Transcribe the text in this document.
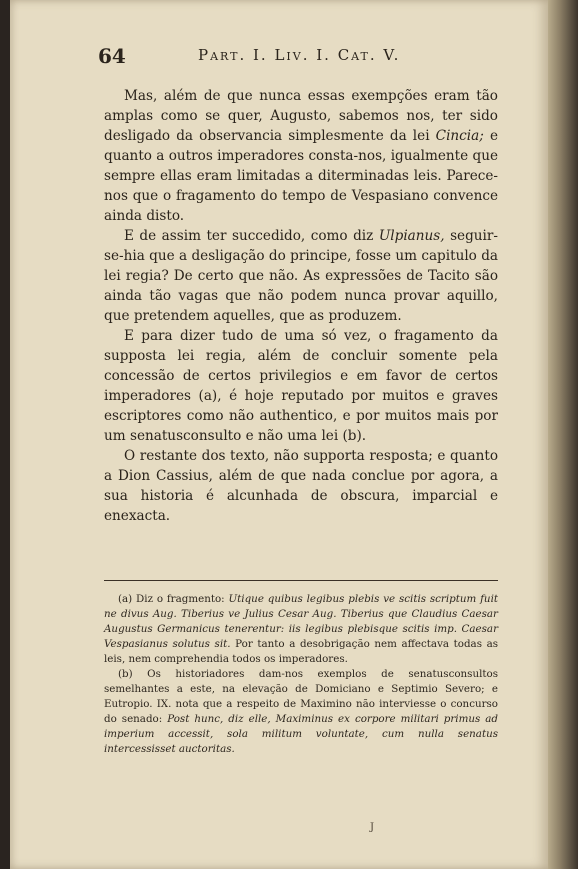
64	Part. I. Liv. I. Cat. V.

Mas, além de que nunca essas exempções eram tão amplas como se quer, Augusto, sabemos nos, ter sido desligado da observancia simplesmente da lei Cincia; e quanto a outros imperadores consta-nos, igualmente que sempre ellas eram limitadas a diterminadas leis. Parece-nos que o fragamento do tempo de Vespasiano convence ainda disto.

E de assim ter succedido, como diz Ulpianus, seguir-se-hia que a desligação do principe, fosse um capitulo da lei regia? De certo que não. As expressões de Tacito são ainda tão vagas que não podem nunca provar aquillo, que pretendem aquelles, que as produzem.

E para dizer tudo de uma só vez, o fragamento da supposta lei regia, além de concluir somente pela concessão de certos privilegios e em favor de certos imperadores (a), é hoje reputado por muitos e graves escriptores como não authentico, e por muitos mais por um senatusconsulto e não uma lei (b).

O restante dos texto, não supporta resposta; e quanto a Dion Cassius, além de que nada conclue por agora, a sua historia é alcunhada de obscura, imparcial e enexacta.

(a) Diz o fragmento: Utique quibus legibus plebis ve scitis scriptum fuit ne divus Aug. Tiberius ve Julius Cesar Aug. Tiberius que Claudius Caesar Augustus Germanicus tenerentur: iis legibus plebisque scitis imp. Caesar Vespasianus solutus sit. Por tanto a desobrigação nem affectava todas as leis, nem comprehendia todos os imperadores.

(b) Os historiadores dam-nos exemplos de senatusconsultos semelhantes a este, na elevação de Domiciano e Septimio Severo; e Eutropio. IX. nota que a respeito de Maximino não interviesse o concurso do senado: Post hunc, diz elle, Maximinus ex corpore militari primus ad imperium accessit, sola militum voluntate, cum nulla senatus intercessisset auctoritas.

J
